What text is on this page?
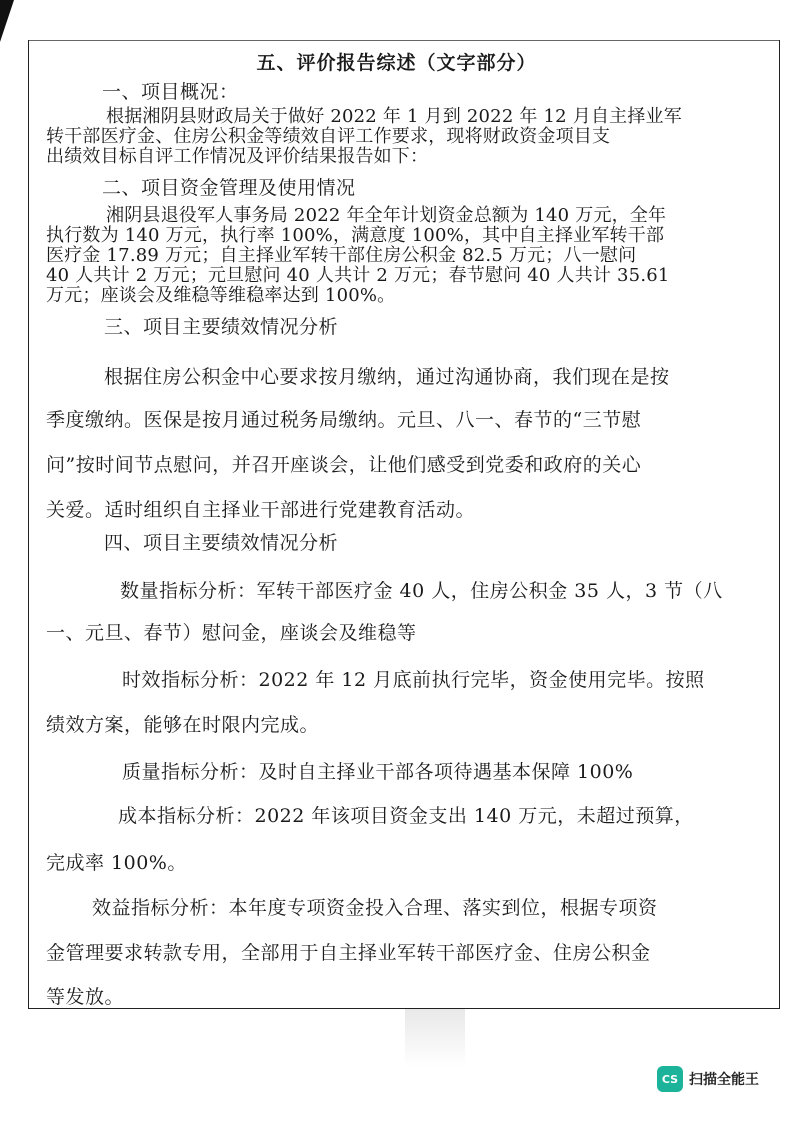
五、评价报告综述（文字部分）
一、项目概况：
根据湘阴县财政局关于做好 2022 年 1 月到 2022 年 12 月自主择业军
转干部医疗金、住房公积金等绩效自评工作要求，现将财政资金项目支
出绩效目标自评工作情况及评价结果报告如下：
二、项目资金管理及使用情况
湘阴县退役军人事务局 2022 年全年计划资金总额为 140 万元，全年
执行数为 140 万元，执行率 100%，满意度 100%，其中自主择业军转干部
医疗金 17.89 万元；自主择业军转干部住房公积金 82.5 万元；八一慰问
40 人共计 2 万元；元旦慰问 40 人共计 2 万元；春节慰问 40 人共计 35.61
万元；座谈会及维稳等维稳率达到 100%。
三、项目主要绩效情况分析
根据住房公积金中心要求按月缴纳，通过沟通协商，我们现在是按
季度缴纳。医保是按月通过税务局缴纳。元旦、八一、春节的“三节慰
问”按时间节点慰问，并召开座谈会，让他们感受到党委和政府的关心
关爱。适时组织自主择业干部进行党建教育活动。
四、项目主要绩效情况分析
数量指标分析：军转干部医疗金 40 人，住房公积金 35 人，3 节（八
一、元旦、春节）慰问金，座谈会及维稳等
时效指标分析：2022 年 12 月底前执行完毕，资金使用完毕。按照
绩效方案，能够在时限内完成。
质量指标分析：及时自主择业干部各项待遇基本保障 100%
成本指标分析：2022 年该项目资金支出 140 万元，未超过预算，
完成率 100%。
效益指标分析：本年度专项资金投入合理、落实到位，根据专项资
金管理要求转款专用，全部用于自主择业军转干部医疗金、住房公积金
等发放。
CS 扫描全能王
